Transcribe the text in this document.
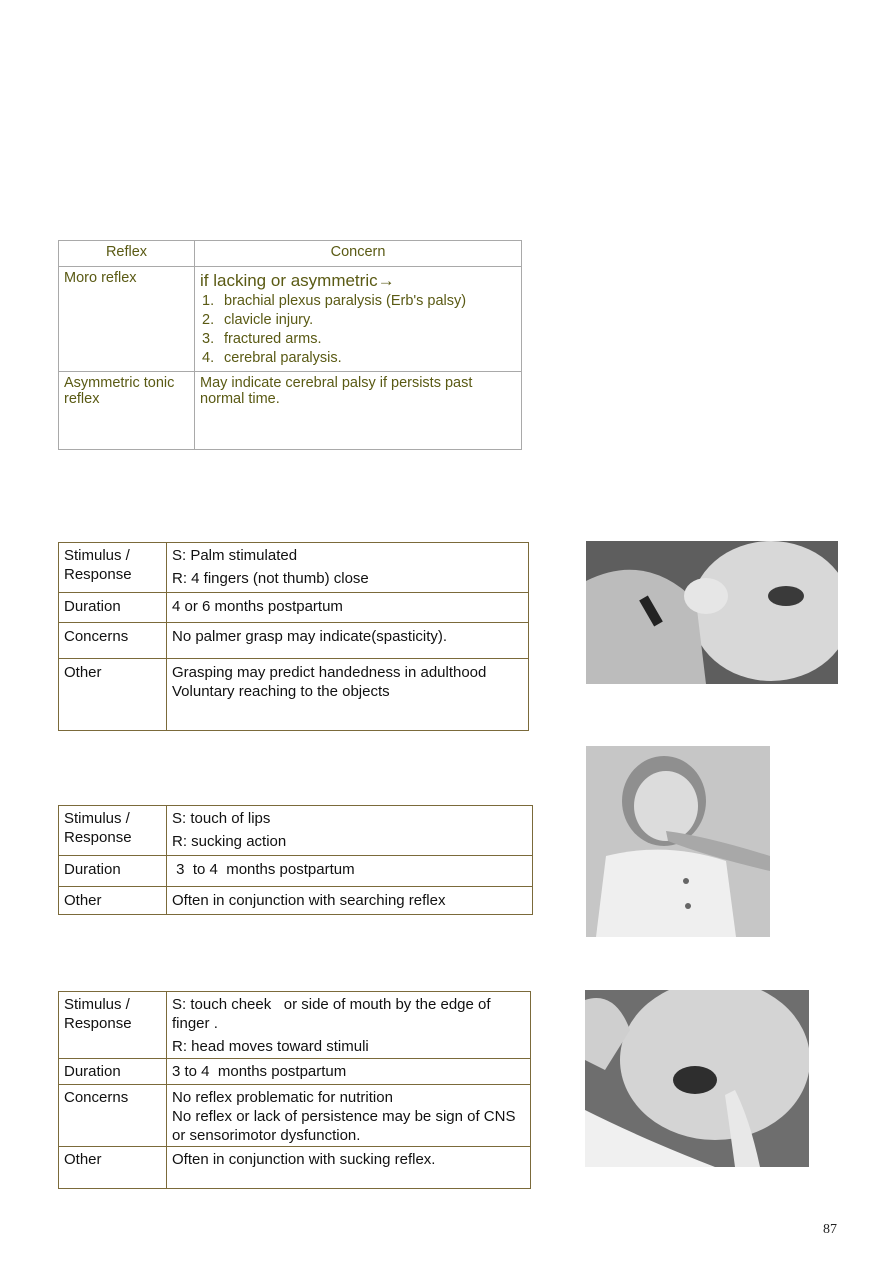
Reflex	Concern
Moro reflex	if lacking or asymmetric→
1. brachial plexus paralysis (Erb's palsy)
2. clavicle injury.
3. fractured arms.
4. cerebral paralysis.

Asymmetric tonic reflex	May indicate cerebral palsy if persists past normal time.
Stimulus / Response	S: Palm stimulated
R: 4 fingers (not thumb) close

Duration	4 or 6 months postpartum
Concerns	No palmer grasp may indicate(spasticity).
Other	Grasping may predict handedness in adulthood
Voluntary reaching to the objects
Stimulus / Response	S: touch of lips
R: sucking action

Duration	3  to 4  months postpartum
Other	Often in conjunction with searching reflex
Stimulus / Response	S: touch cheek   or side of mouth by the edge of finger .
R: head moves toward stimuli

Duration	3 to 4  months postpartum
Concerns	No reflex problematic for nutrition
No reflex or lack of persistence may be sign of CNS or sensorimotor dysfunction.

Other	Often in conjunction with sucking reflex.
87
